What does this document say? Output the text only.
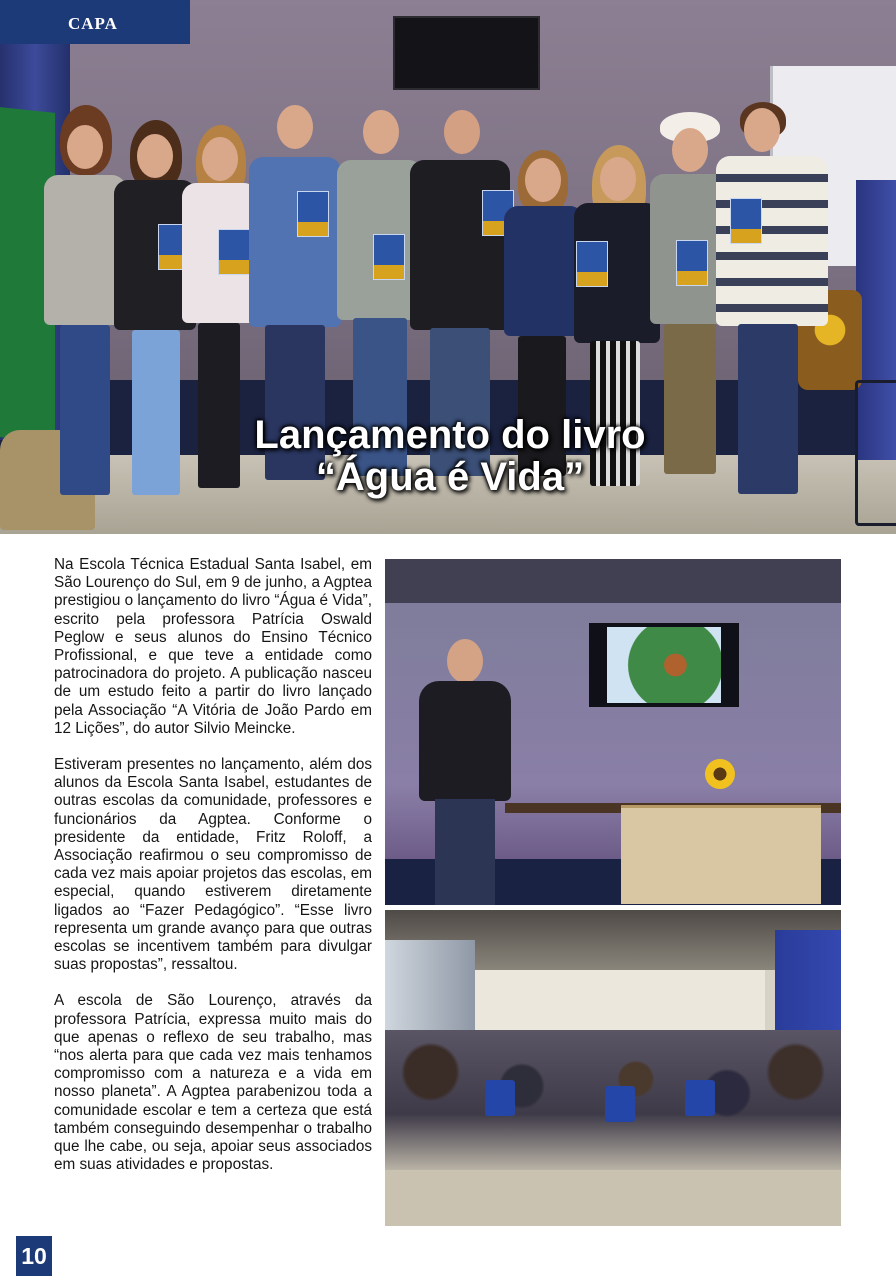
CAPA
Lançamento do livro
“Água é Vida”

Na Escola Técnica Estadual Santa Isabel, em São Lourenço do Sul, em 9 de junho, a Agptea prestigiou o lançamento do livro “Água é Vida”, escrito pela professora Patrícia Oswald Peglow e seus alunos do Ensino Técnico Profissional, e que teve a entidade como patrocinadora do projeto. A publicação nasceu de um estudo feito a partir do livro lançado pela Associação “A Vitória de João Pardo em 12 Lições”, do autor Silvio Meincke.

Estiveram presentes no lançamento, além dos alunos da Escola Santa Isabel, estudantes de outras escolas da comunidade, professores e funcionários da Agptea. Conforme o presidente da entidade, Fritz Roloff, a Associação reafirmou o seu compromisso de cada vez mais apoiar projetos das escolas, em especial, quando estiverem diretamente ligados ao “Fazer Pedagógico”. “Esse livro representa um grande avanço para que outras escolas se incentivem também para divulgar suas propostas”, ressaltou.

A escola de São Lourenço, através da professora Patrícia, expressa muito mais do que apenas o reflexo de seu trabalho, mas “nos alerta para que cada vez mais tenhamos compromisso com a natureza e a vida em nosso planeta”. A Agptea parabenizou toda a comunidade escolar e tem a certeza que está também conseguindo desempenhar o trabalho que lhe cabe, ou seja, apoiar seus associados em suas atividades e propostas.

10
